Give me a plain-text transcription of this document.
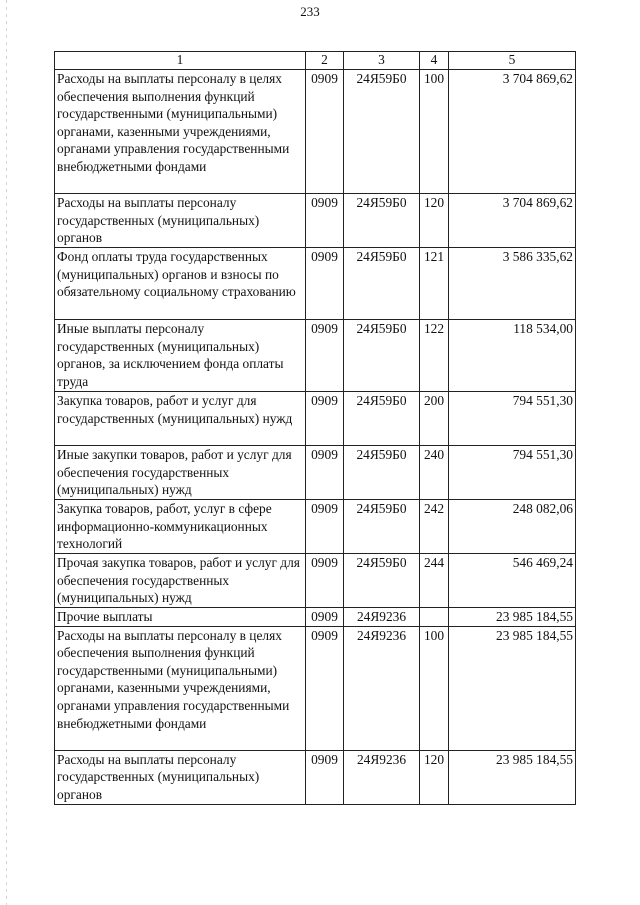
233
1	2	3	4	5
Расходы на выплаты персоналу в целях обеспечения выполнения функций государственными (муниципальными) органами, казенными учреждениями, органами управления государственными внебюджетными фондами	0909	24Я59Б0	100	3 704 869,62
Расходы на выплаты персоналу государственных (муниципальных) органов	0909	24Я59Б0	120	3 704 869,62
Фонд оплаты труда государственных (муниципальных) органов и взносы по обязательному социальному страхованию	0909	24Я59Б0	121	3 586 335,62
Иные выплаты персоналу государственных (муниципальных) органов, за исключением фонда оплаты труда	0909	24Я59Б0	122	118 534,00
Закупка товаров, работ и услуг для государственных (муниципальных) нужд	0909	24Я59Б0	200	794 551,30
Иные закупки товаров, работ и услуг для обеспечения государственных (муниципальных) нужд	0909	24Я59Б0	240	794 551,30
Закупка товаров, работ, услуг в сфере информационно-коммуникационных технологий	0909	24Я59Б0	242	248 082,06
Прочая закупка товаров, работ и услуг для обеспечения государственных (муниципальных) нужд	0909	24Я59Б0	244	546 469,24
Прочие выплаты	0909	24Я9236		23 985 184,55
Расходы на выплаты персоналу в целях обеспечения выполнения функций государственными (муниципальными) органами, казенными учреждениями, органами управления государственными внебюджетными фондами	0909	24Я9236	100	23 985 184,55
Расходы на выплаты персоналу государственных (муниципальных) органов	0909	24Я9236	120	23 985 184,55
